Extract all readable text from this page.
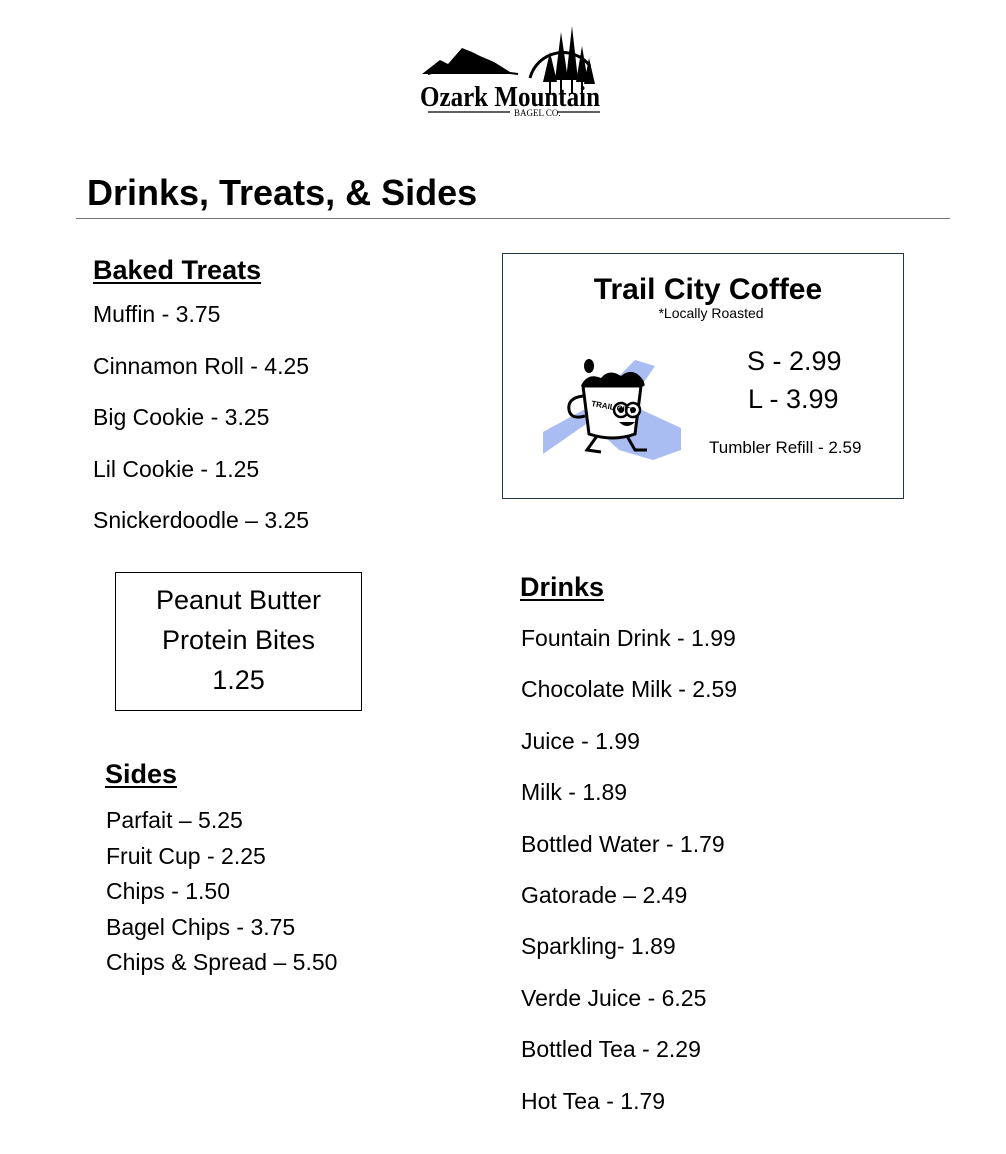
Ozark Mountain
BAGEL CO.
Drinks, Treats, & Sides
Baked Treats
Muffin - 3.75
Cinnamon Roll - 4.25
Big Cookie - 3.25
Lil Cookie - 1.25
Snickerdoodle – 3.25
Peanut Butter
Protein Bites
1.25
Sides
Parfait – 5.25
Fruit Cup - 2.25
Chips - 1.50
Bagel Chips - 3.75
Chips & Spread – 5.50
Trail City Coffee
*Locally Roasted
TRAIL CITY
S - 2.99
L - 3.99
Tumbler Refill - 2.59
Drinks
Fountain Drink - 1.99
Chocolate Milk - 2.59
Juice - 1.99
Milk - 1.89
Bottled Water - 1.79
Gatorade – 2.49
Sparkling- 1.89
Verde Juice - 6.25
Bottled Tea - 2.29
Hot Tea - 1.79
